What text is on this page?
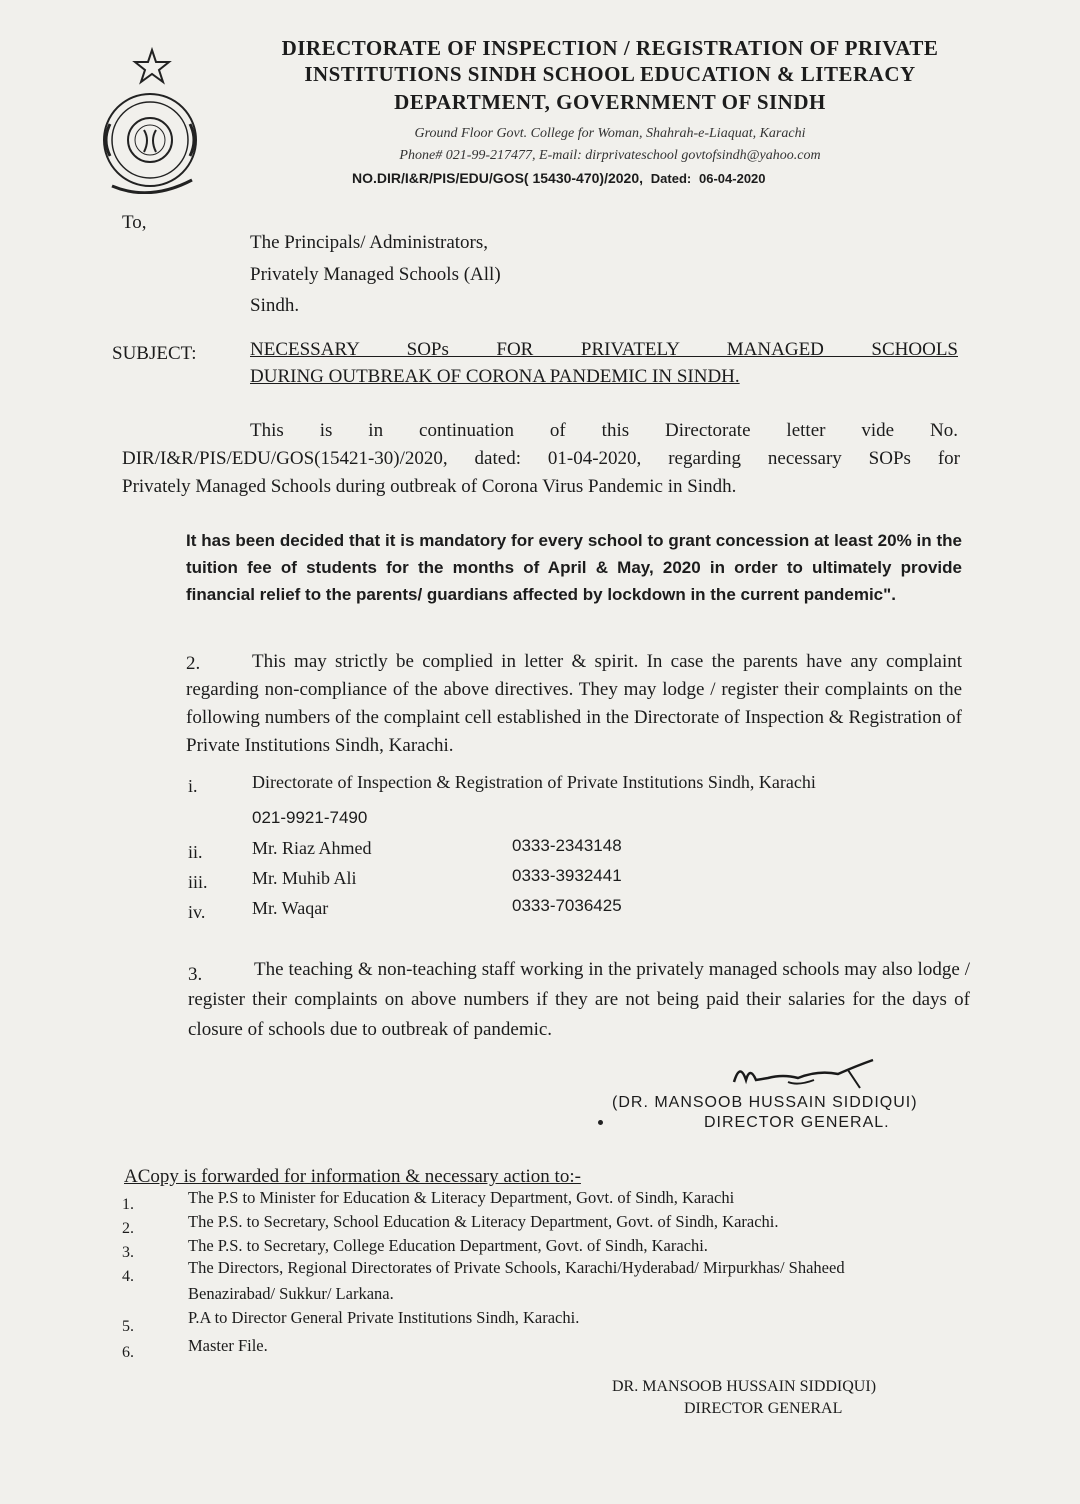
DIRECTORATE OF INSPECTION / REGISTRATION OF PRIVATE
INSTITUTIONS SINDH SCHOOL EDUCATION & LITERACY
DEPARTMENT, GOVERNMENT OF SINDH
Ground Floor Govt. College for Woman, Shahrah-e-Liaquat, Karachi
Phone# 021-99-217477, E-mail: dirprivateschool govtofsindh@yahoo.com
NO.DIR/I&R/PIS/EDU/GOS( 15430-470)/2020, Dated: 06-04-2020
To,
The Principals/ Administrators,
Privately Managed Schools (All)
Sindh.
SUBJECT:	NECESSARY SOPs FOR PRIVATELY MANAGED SCHOOLS
DURING OUTBREAK OF CORONA PANDEMIC IN SINDH.
This is in continuation of this Directorate letter vide No.
DIR/I&R/PIS/EDU/GOS(15421-30)/2020, dated: 01-04-2020, regarding necessary SOPs for
Privately Managed Schools during outbreak of Corona Virus Pandemic in Sindh.
It has been decided that it is mandatory for every school to grant concession at least 20% in the tuition fee of students for the months of April & May, 2020 in order to ultimately provide financial relief to the parents/ guardians affected by lockdown in the current pandemic".
2.	This may strictly be complied in letter & spirit. In case the parents have any complaint regarding non-compliance of the above directives. They may lodge / register their complaints on the following numbers of the complaint cell established in the Directorate of Inspection & Registration of Private Institutions Sindh, Karachi.
i.	Directorate of Inspection & Registration of Private Institutions Sindh, Karachi
021-9921-7490
ii.	Mr. Riaz Ahmed	0333-2343148
iii. Mr. Muhib Ali	0333-3932441
iv.	Mr. Waqar	0333-7036425
3.	The teaching & non-teaching staff working in the privately managed schools may also lodge / register their complaints on above numbers if they are not being paid their salaries for the days of closure of schools due to outbreak of pandemic.
(DR. MANSOOB HUSSAIN SIDDIQUI)
DIRECTOR GENERAL.
ACopy is forwarded for information & necessary action to:-
1.	The P.S to Minister for Education & Literacy Department, Govt. of Sindh, Karachi
2.	The P.S. to Secretary, School Education & Literacy Department, Govt. of Sindh, Karachi.
3.	The P.S. to Secretary, College Education Department, Govt. of Sindh, Karachi.
4.	The Directors, Regional Directorates of Private Schools, Karachi/Hyderabad/ Mirpurkhas/ Shaheed
Benazirabad/ Sukkur/ Larkana.
5.	P.A to Director General Private Institutions Sindh, Karachi.
6.	Master File.
DR. MANSOOB HUSSAIN SIDDIQUI)
DIRECTOR GENERAL
